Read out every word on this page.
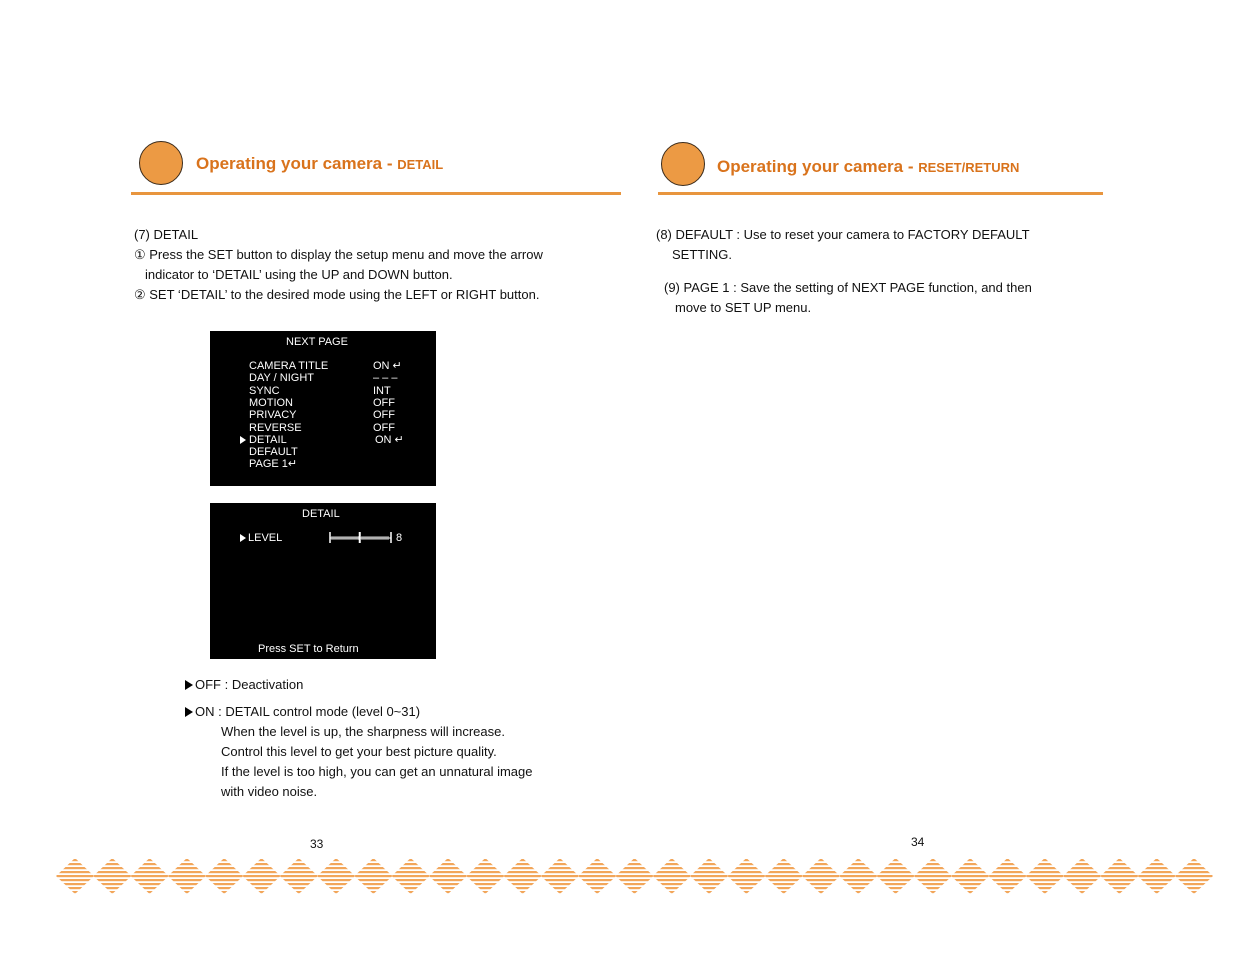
Operating your camera - DETAIL
(7) DETAIL
① Press the SET button to display the setup menu and move the arrow
indicator to ‘DETAIL’ using the UP and DOWN button.
② SET ‘DETAIL’ to the desired mode using the LEFT or RIGHT button.
NEXT PAGE
CAMERA TITLE	ON ↵
DAY / NIGHT	– – –
SYNC	INT
MOTION	OFF
PRIVACY	OFF
REVERSE	OFF
DETAIL	ON ↵
DEFAULT
PAGE 1↵
DETAIL
LEVEL	8
Press SET to Return
OFF : Deactivation
ON : DETAIL control mode (level 0~31)
When the level is up, the sharpness will increase.
Control this level to get your best picture quality.
If the level is too high, you can get an unnatural image
with video noise.
33
Operating your camera - RESET/RETURN
(8) DEFAULT : Use to reset your camera to FACTORY DEFAULT
SETTING.
(9) PAGE 1 : Save the setting of NEXT PAGE function, and then
move to SET UP menu.
34
